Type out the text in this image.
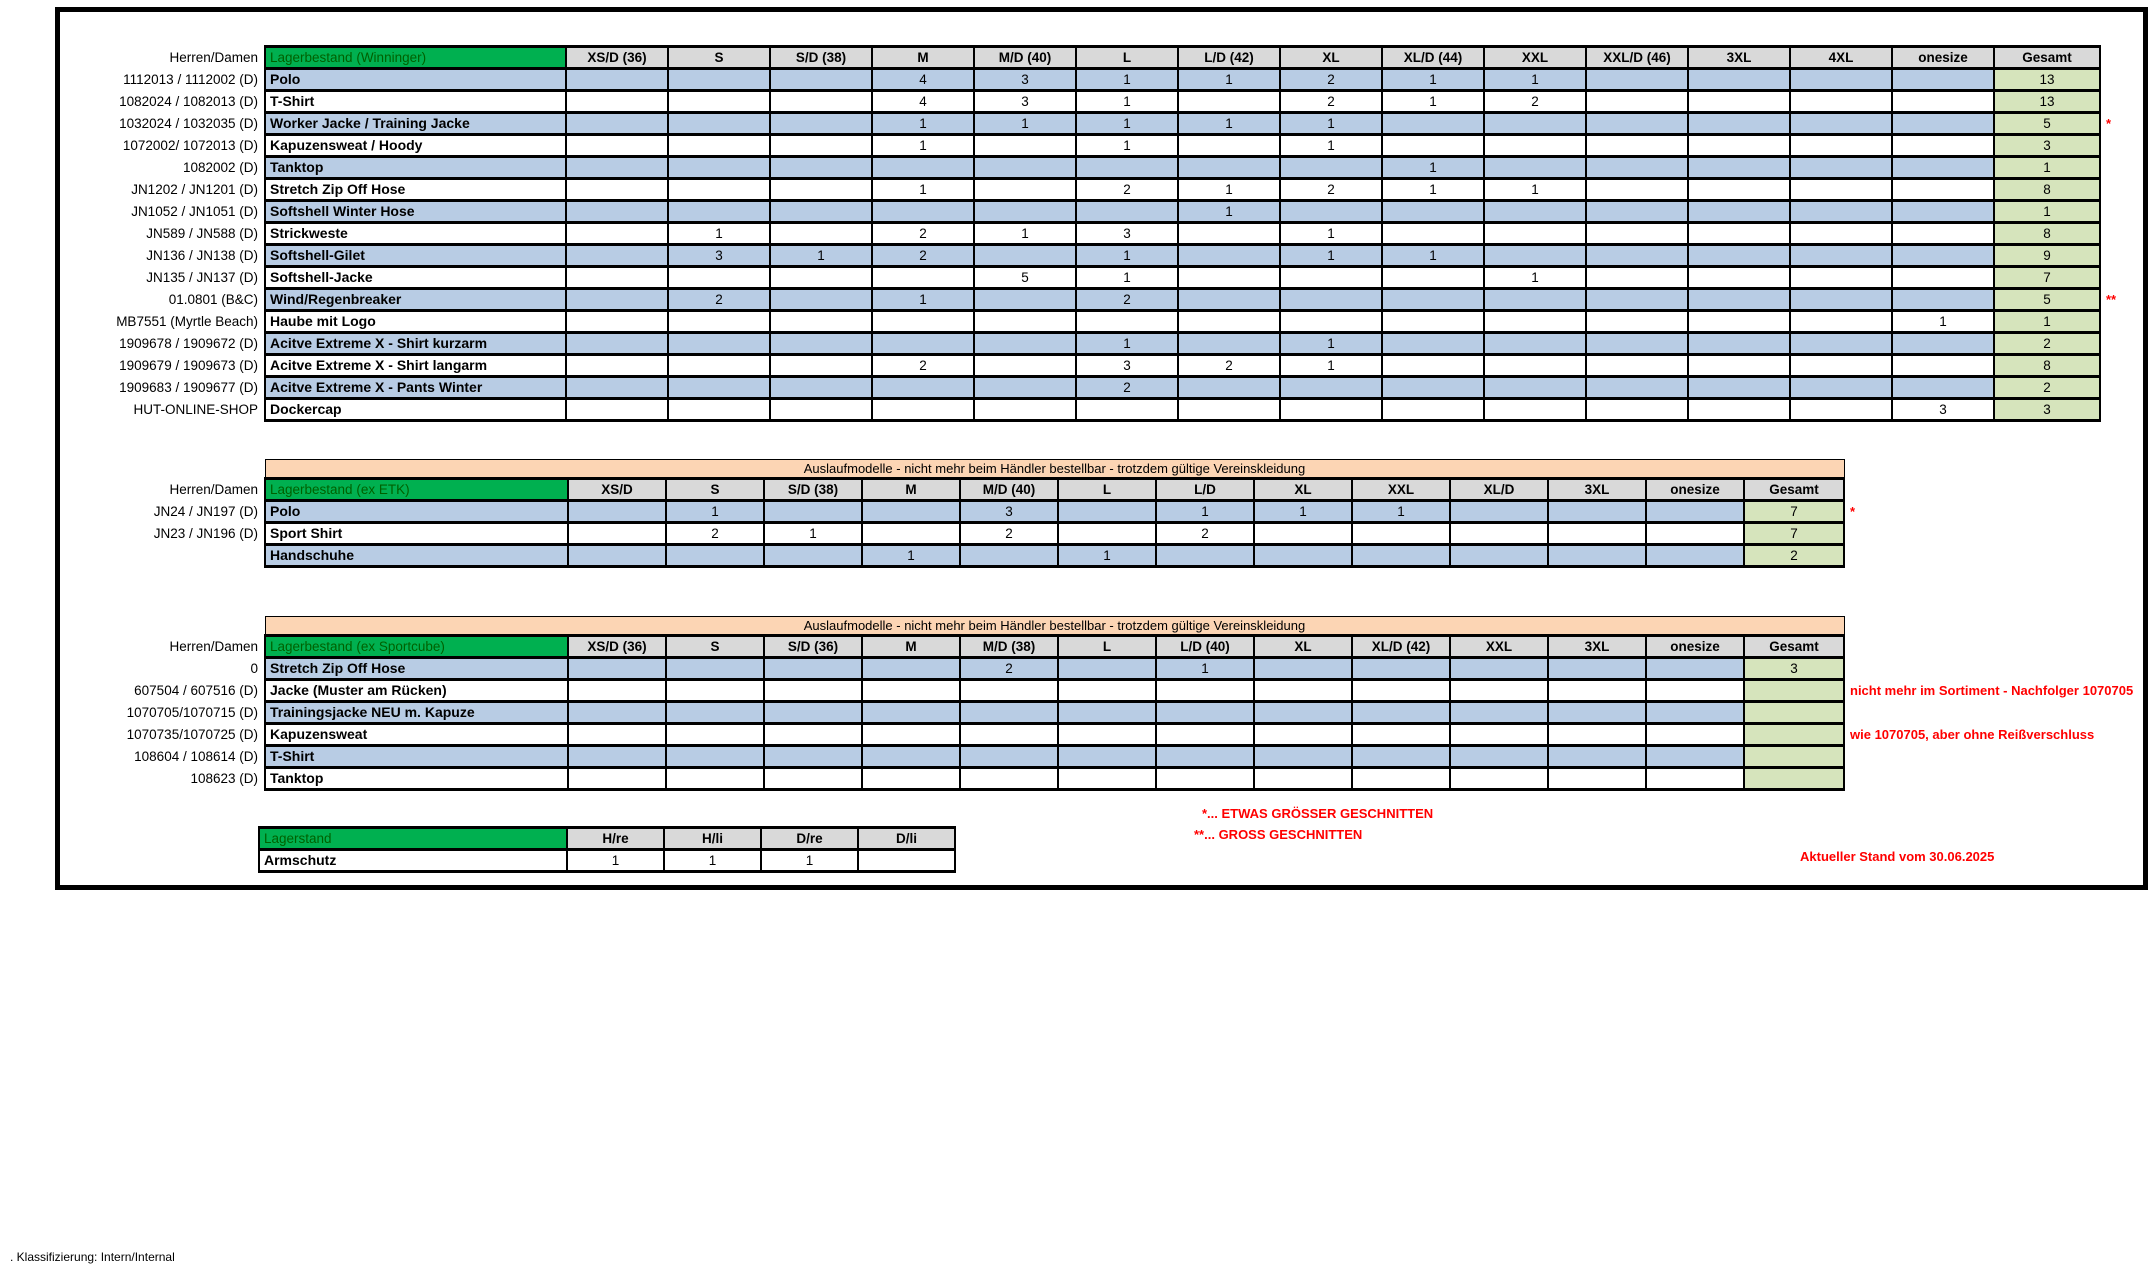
Herren/Damen	Lagerbestand (Winninger)	XS/D (36)	S	S/D (38)	M	M/D (40)	L	L/D (42)	XL	XL/D (44)	XXL	XXL/D (46)	3XL	4XL	onesize	Gesamt	
1112013 / 1112002 (D)	Polo				4	3	1	1	2	1	1					13	
1082024 / 1082013 (D)	T-Shirt				4	3	1		2	1	2					13	
1032024 / 1032035 (D)	Worker Jacke / Training Jacke				1	1	1	1	1							5	*
1072002/ 1072013 (D)	Kapuzensweat / Hoody				1		1		1							3	
1082002 (D)	Tanktop									1						1	
JN1202 / JN1201 (D)	Stretch Zip Off Hose				1		2	1	2	1	1					8	
JN1052 / JN1051 (D)	Softshell Winter Hose							1								1	
JN589 / JN588 (D)	Strickweste		1		2	1	3		1							8	
JN136 / JN138 (D)	Softshell-Gilet		3	1	2		1		1	1						9	
JN135 / JN137 (D)	Softshell-Jacke					5	1				1					7	
01.0801 (B&C)	Wind/Regenbreaker		2		1		2									5	**
MB7551 (Myrtle Beach)	Haube mit Logo														1	1	
1909678 / 1909672 (D)	Acitve Extreme X - Shirt kurzarm						1		1							2	
1909679 / 1909673 (D)	Acitve Extreme X - Shirt langarm				2		3	2	1							8	
1909683 / 1909677 (D)	Acitve Extreme X - Pants Winter						2									2	
HUT-ONLINE-SHOP	Dockercap														3	3	
	Auslaufmodelle - nicht mehr beim Händler bestellbar - trotzdem gültige Vereinskleidung														
Herren/Damen	Lagerbestand (ex ETK)	XS/D	S	S/D (38)	M	M/D (40)	L	L/D	XL	XXL	XL/D	3XL	onesize	Gesamt	
JN24 / JN197 (D)	Polo		1			3		1	1	1				7	*
JN23 / JN196 (D)	Sport Shirt		2	1		2		2						7	
	Handschuhe				1		1							2	
	Auslaufmodelle - nicht mehr beim Händler bestellbar - trotzdem gültige Vereinskleidung														
Herren/Damen	Lagerbestand (ex Sportcube)	XS/D (36)	S	S/D (36)	M	M/D (38)	L	L/D (40)	XL	XL/D (42)	XXL	3XL	onesize	Gesamt	
0	Stretch Zip Off Hose					2		1						3	
607504 / 607516 (D)	Jacke (Muster am Rücken)														nicht mehr im Sortiment - Nachfolger 1070705
1070705/1070715 (D)	Trainingsjacke NEU m. Kapuze														
1070735/1070725 (D)	Kapuzensweat														wie 1070705, aber ohne Reißverschluss
108604 / 108614 (D)	T-Shirt														
108623 (D)	Tanktop														
Lagerstand	H/re	H/li	D/re	D/li
Armschutz	1	1	1	
*... ETWAS GRÖSSER GESCHNITTEN
**... GROSS GESCHNITTEN
Aktueller Stand vom 30.06.2025
. Klassifizierung: Intern/Internal
